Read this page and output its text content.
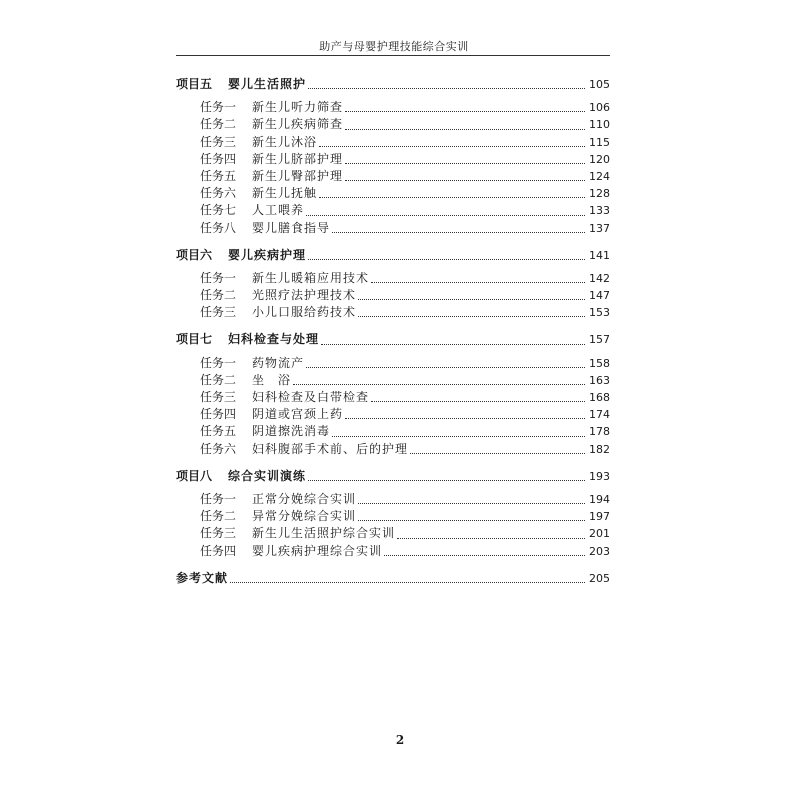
助产与母婴护理技能综合实训
项目五 婴儿生活照护	105
任务一 新生儿听力筛查	106
任务二 新生儿疾病筛查	110
任务三 新生儿沐浴	115
任务四 新生儿脐部护理	120
任务五 新生儿臀部护理	124
任务六 新生儿抚触	128
任务七 人工喂养	133
任务八 婴儿膳食指导	137
项目六 婴儿疾病护理	141
任务一 新生儿暖箱应用技术	142
任务二 光照疗法护理技术	147
任务三 小儿口服给药技术	153
项目七 妇科检查与处理	157
任务一 药物流产	158
任务二 坐　浴	163
任务三 妇科检查及白带检查	168
任务四 阴道或宫颈上药	174
任务五 阴道擦洗消毒	178
任务六 妇科腹部手术前、后的护理	182
项目八 综合实训演练	193
任务一 正常分娩综合实训	194
任务二 异常分娩综合实训	197
任务三 新生儿生活照护综合实训	201
任务四 婴儿疾病护理综合实训	203
参考文献	205
2
